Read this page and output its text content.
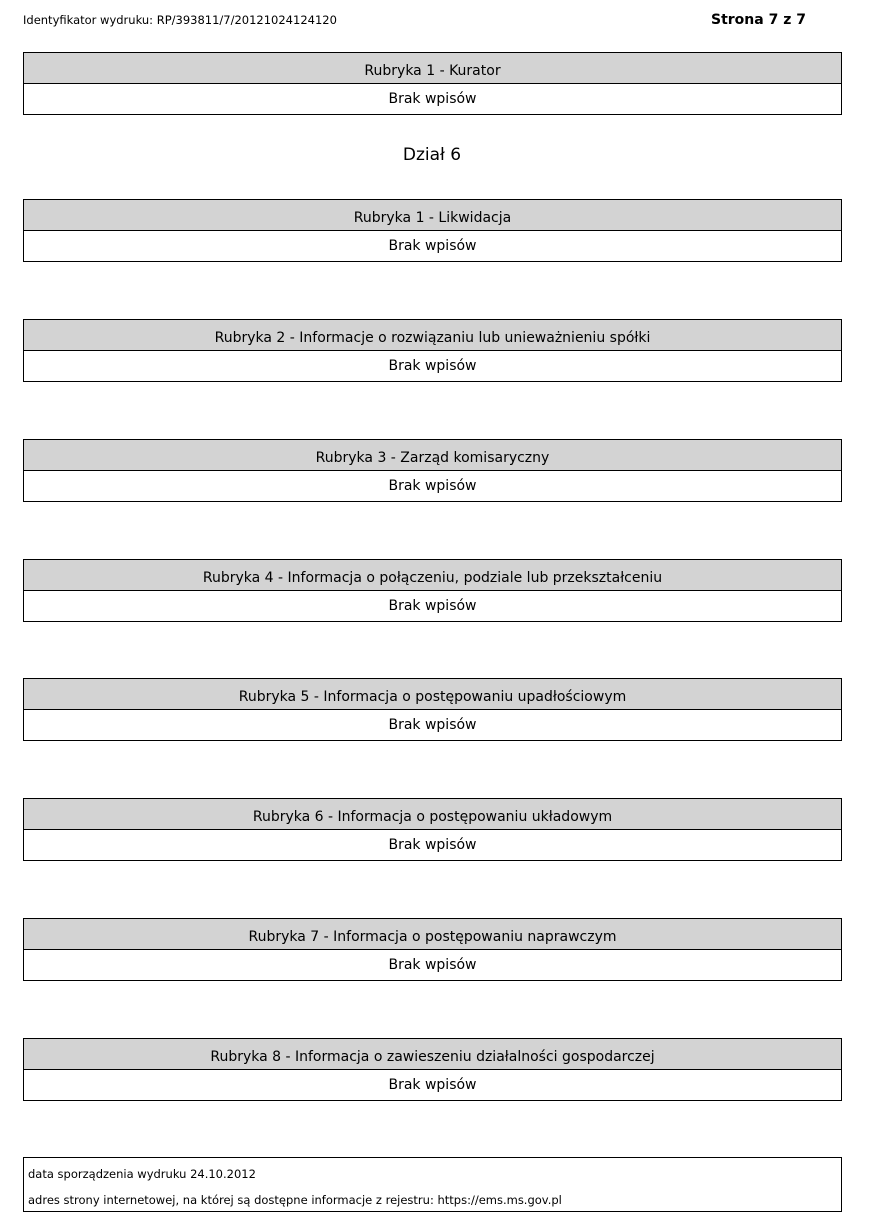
Identyfikator wydruku: RP/393811/7/20121024124120	Strona 7 z 7
Rubryka 1 - Kurator
Brak wpisów
Dział 6
Rubryka 1 - Likwidacja
Brak wpisów
Rubryka 2 - Informacje o rozwiązaniu lub unieważnieniu spółki
Brak wpisów
Rubryka 3 - Zarząd komisaryczny
Brak wpisów
Rubryka 4 - Informacja o połączeniu, podziale lub przekształceniu
Brak wpisów
Rubryka 5 - Informacja o postępowaniu upadłościowym
Brak wpisów
Rubryka 6 - Informacja o postępowaniu układowym
Brak wpisów
Rubryka 7 - Informacja o postępowaniu naprawczym
Brak wpisów
Rubryka 8 - Informacja o zawieszeniu działalności gospodarczej
Brak wpisów
data sporządzenia wydruku 24.10.2012
adres strony internetowej, na której są dostępne informacje z rejestru: https://ems.ms.gov.pl
